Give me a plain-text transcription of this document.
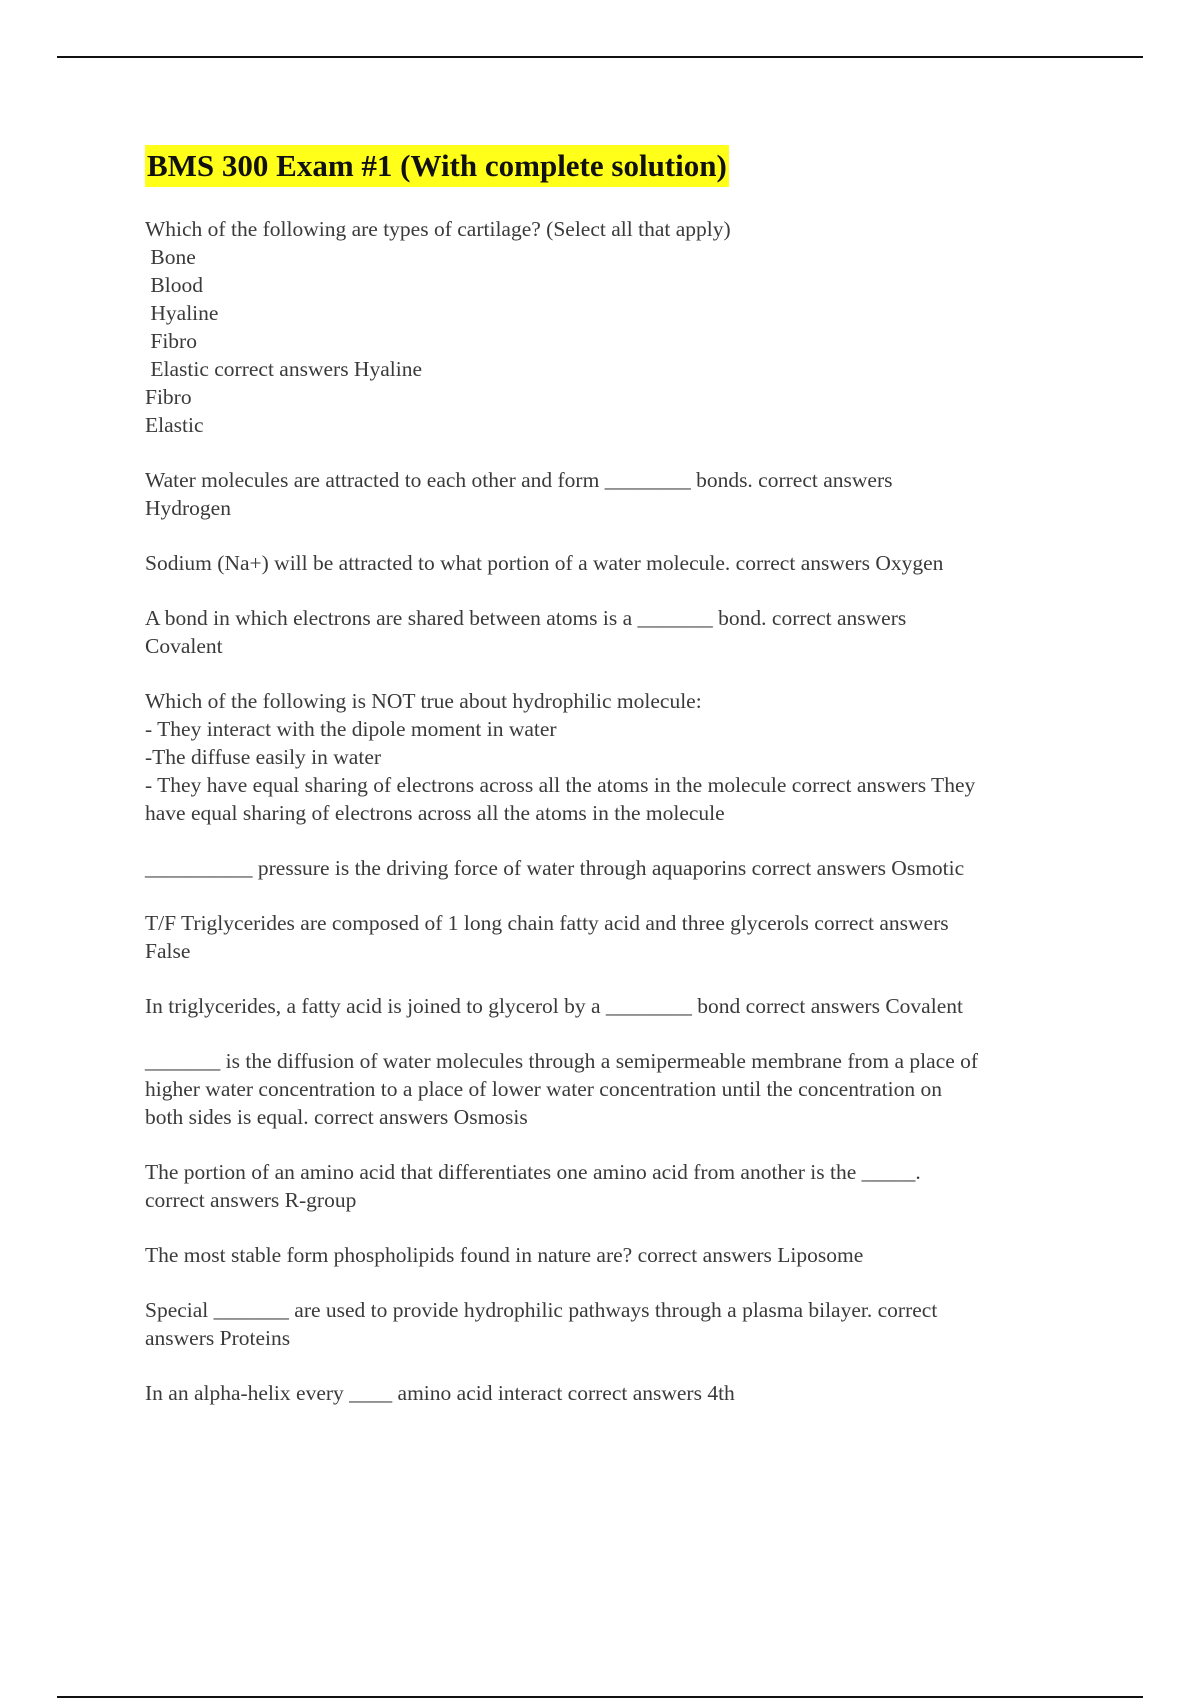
BMS 300 Exam #1 (With complete solution)
Which of the following are types of cartilage? (Select all that apply)
Bone
Blood
Hyaline
Fibro
Elastic correct answers Hyaline
Fibro
Elastic
Water molecules are attracted to each other and form ________ bonds. correct answers
Hydrogen
Sodium (Na+) will be attracted to what portion of a water molecule. correct answers Oxygen
A bond in which electrons are shared between atoms is a _______ bond. correct answers
Covalent
Which of the following is NOT true about hydrophilic molecule:
- They interact with the dipole moment in water
-The diffuse easily in water
- They have equal sharing of electrons across all the atoms in the molecule correct answers They
have equal sharing of electrons across all the atoms in the molecule
__________ pressure is the driving force of water through aquaporins correct answers Osmotic
T/F Triglycerides are composed of 1 long chain fatty acid and three glycerols correct answers
False
In triglycerides, a fatty acid is joined to glycerol by a ________ bond correct answers Covalent
_______ is the diffusion of water molecules through a semipermeable membrane from a place of
higher water concentration to a place of lower water concentration until the concentration on
both sides is equal. correct answers Osmosis
The portion of an amino acid that differentiates one amino acid from another is the _____.
correct answers R-group
The most stable form phospholipids found in nature are? correct answers Liposome
Special _______ are used to provide hydrophilic pathways through a plasma bilayer. correct
answers Proteins
In an alpha-helix every ____ amino acid interact correct answers 4th
